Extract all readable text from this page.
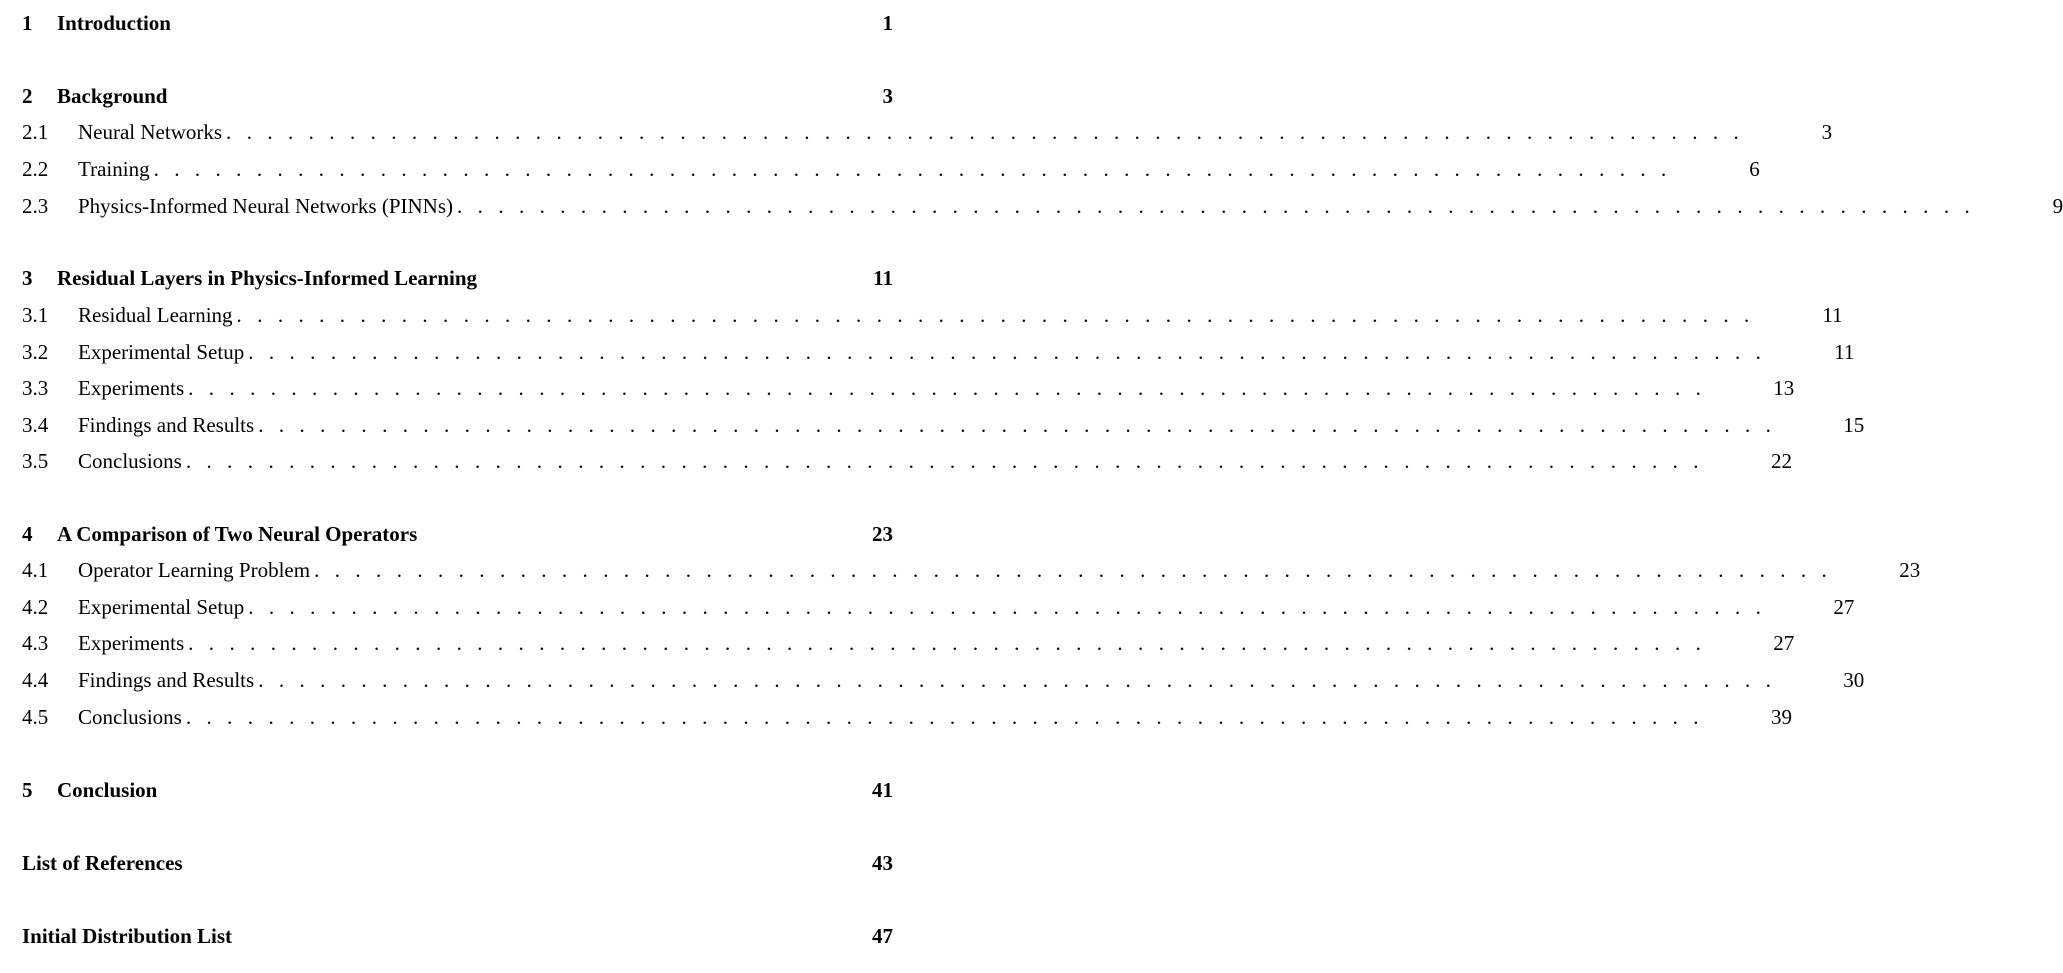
1	Introduction	1
2	Background	3
2.1	Neural Networks ..........................................................................	3
2.2	Training ..........................................................................	6
2.3	Physics-Informed Neural Networks (PINNs) ..........................................................................	9
3	Residual Layers in Physics-Informed Learning	11
3.1	Residual Learning ..........................................................................	11
3.2	Experimental Setup ..........................................................................	11
3.3	Experiments ..........................................................................	13
3.4	Findings and Results ..........................................................................	15
3.5	Conclusions ..........................................................................	22
4	A Comparison of Two Neural Operators	23
4.1	Operator Learning Problem ..........................................................................	23
4.2	Experimental Setup ..........................................................................	27
4.3	Experiments ..........................................................................	27
4.4	Findings and Results ..........................................................................	30
4.5	Conclusions ..........................................................................	39
5	Conclusion	41
List of References	43
Initial Distribution List	47
